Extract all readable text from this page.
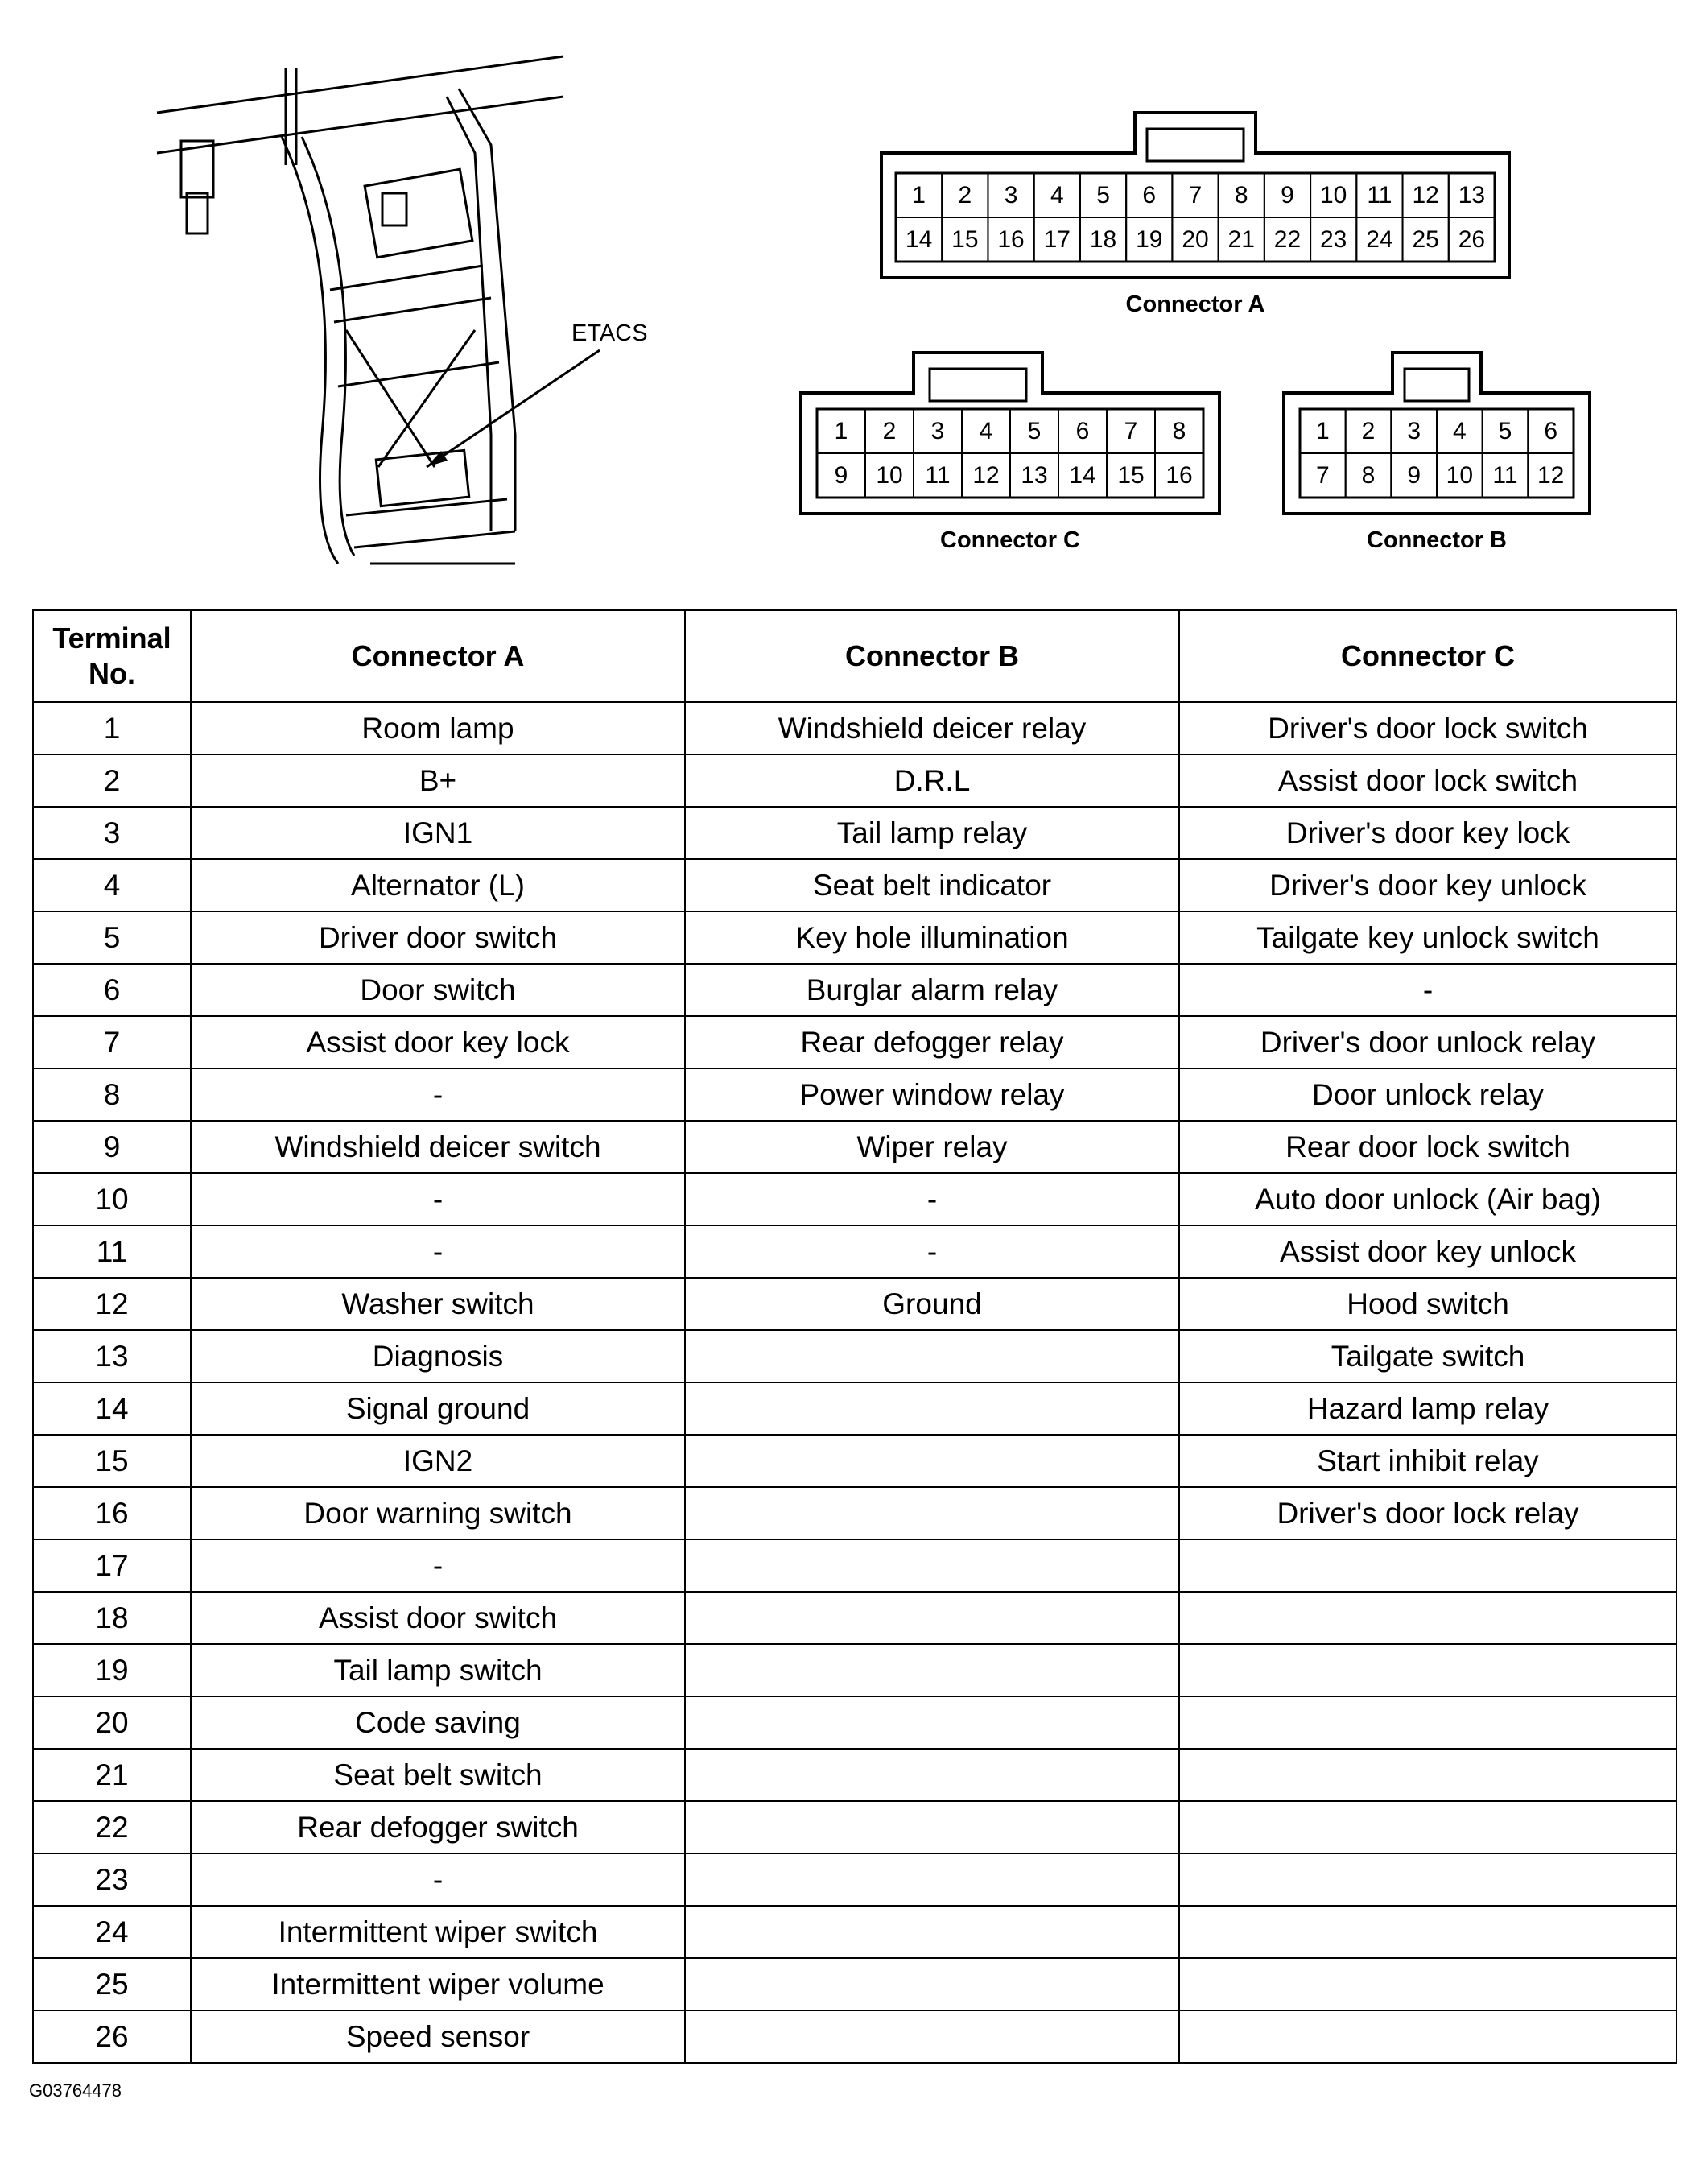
ETACS
1 2 3 4 5 6 7 8 9 10 11 12 13
14 15 16 17 18 19 20 21 22 23 24 25 26
Connector A
1 2 3 4 5 6 7 8
9 10 11 12 13 14 15 16
Connector C
1 2 3 4 5 6
7 8 9 10 11 12
Connector B
Terminal No.	Connector A	Connector B	Connector C
1	Room lamp	Windshield deicer relay	Driver's door lock switch
2	B+	D.R.L	Assist door lock switch
3	IGN1	Tail lamp relay	Driver's door key lock
4	Alternator (L)	Seat belt indicator	Driver's door key unlock
5	Driver door switch	Key hole illumination	Tailgate key unlock switch
6	Door switch	Burglar alarm relay	-
7	Assist door key lock	Rear defogger relay	Driver's door unlock relay
8	-	Power window relay	Door unlock relay
9	Windshield deicer switch	Wiper relay	Rear door lock switch
10	-	-	Auto door unlock (Air bag)
11	-	-	Assist door key unlock
12	Washer switch	Ground	Hood switch
13	Diagnosis		Tailgate switch
14	Signal ground		Hazard lamp relay
15	IGN2		Start inhibit relay
16	Door warning switch		Driver's door lock relay
17	-		
18	Assist door switch		
19	Tail lamp switch		
20	Code saving		
21	Seat belt switch		
22	Rear defogger switch		
23	-		
24	Intermittent wiper switch		
25	Intermittent wiper volume		
26	Speed sensor		
G03764478
